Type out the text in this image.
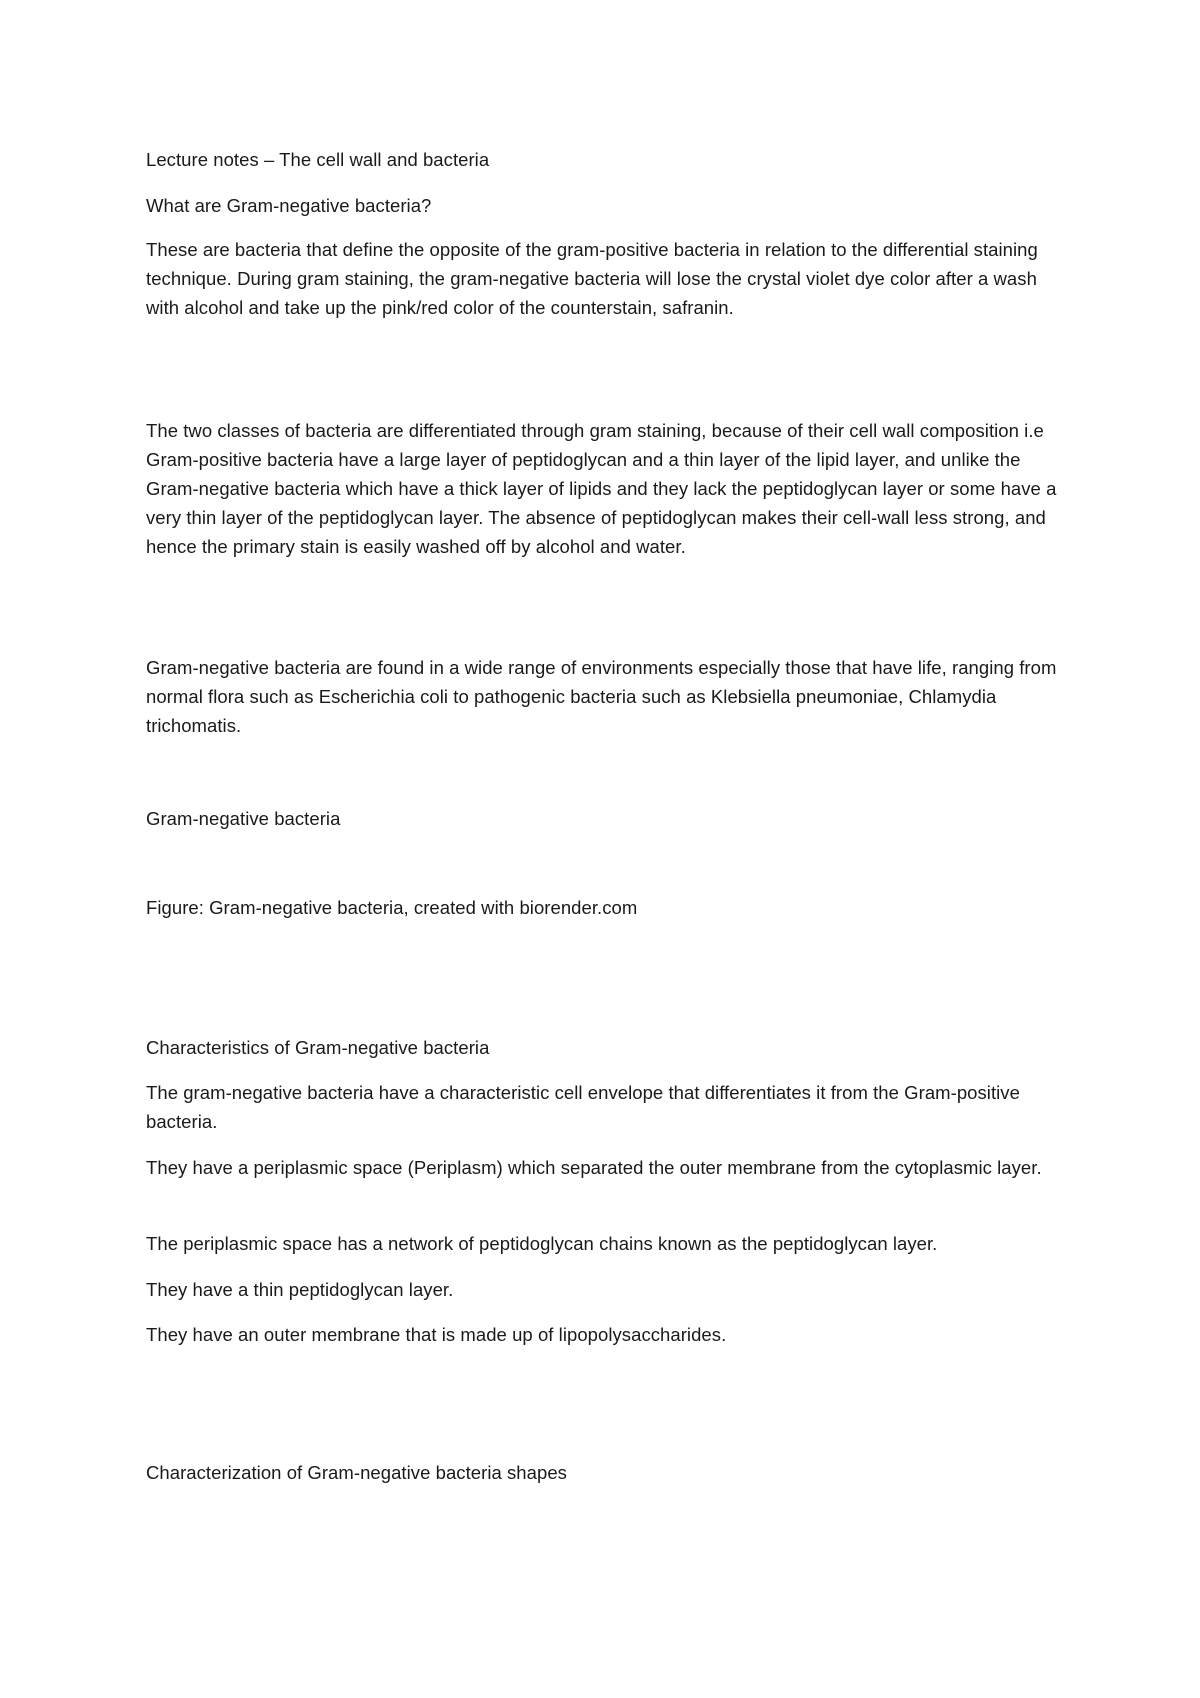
Lecture notes – The cell wall and bacteria

What are Gram-negative bacteria?

These are bacteria that define the opposite of the gram-positive bacteria in relation to the differential staining technique. During gram staining, the gram-negative bacteria will lose the crystal violet dye color after a wash with alcohol and take up the pink/red color of the counterstain, safranin.

The two classes of bacteria are differentiated through gram staining, because of their cell wall composition i.e Gram-positive bacteria have a large layer of peptidoglycan and a thin layer of the lipid layer, and unlike the Gram-negative bacteria which have a thick layer of lipids and they lack the peptidoglycan layer or some have a very thin layer of the peptidoglycan layer. The absence of peptidoglycan makes their cell-wall less strong, and hence the primary stain is easily washed off by alcohol and water.

Gram-negative bacteria are found in a wide range of environments especially those that have life, ranging from normal flora such as Escherichia coli to pathogenic bacteria such as Klebsiella pneumoniae, Chlamydia trichomatis.

Gram-negative bacteria

Figure: Gram-negative bacteria, created with biorender.com

Characteristics of Gram-negative bacteria

The gram-negative bacteria have a characteristic cell envelope that differentiates it from the Gram-positive bacteria.

They have a periplasmic space (Periplasm) which separated the outer membrane from the cytoplasmic layer.

The periplasmic space has a network of peptidoglycan chains known as the peptidoglycan layer.

They have a thin peptidoglycan layer.

They have an outer membrane that is made up of lipopolysaccharides.

Characterization of Gram-negative bacteria shapes
